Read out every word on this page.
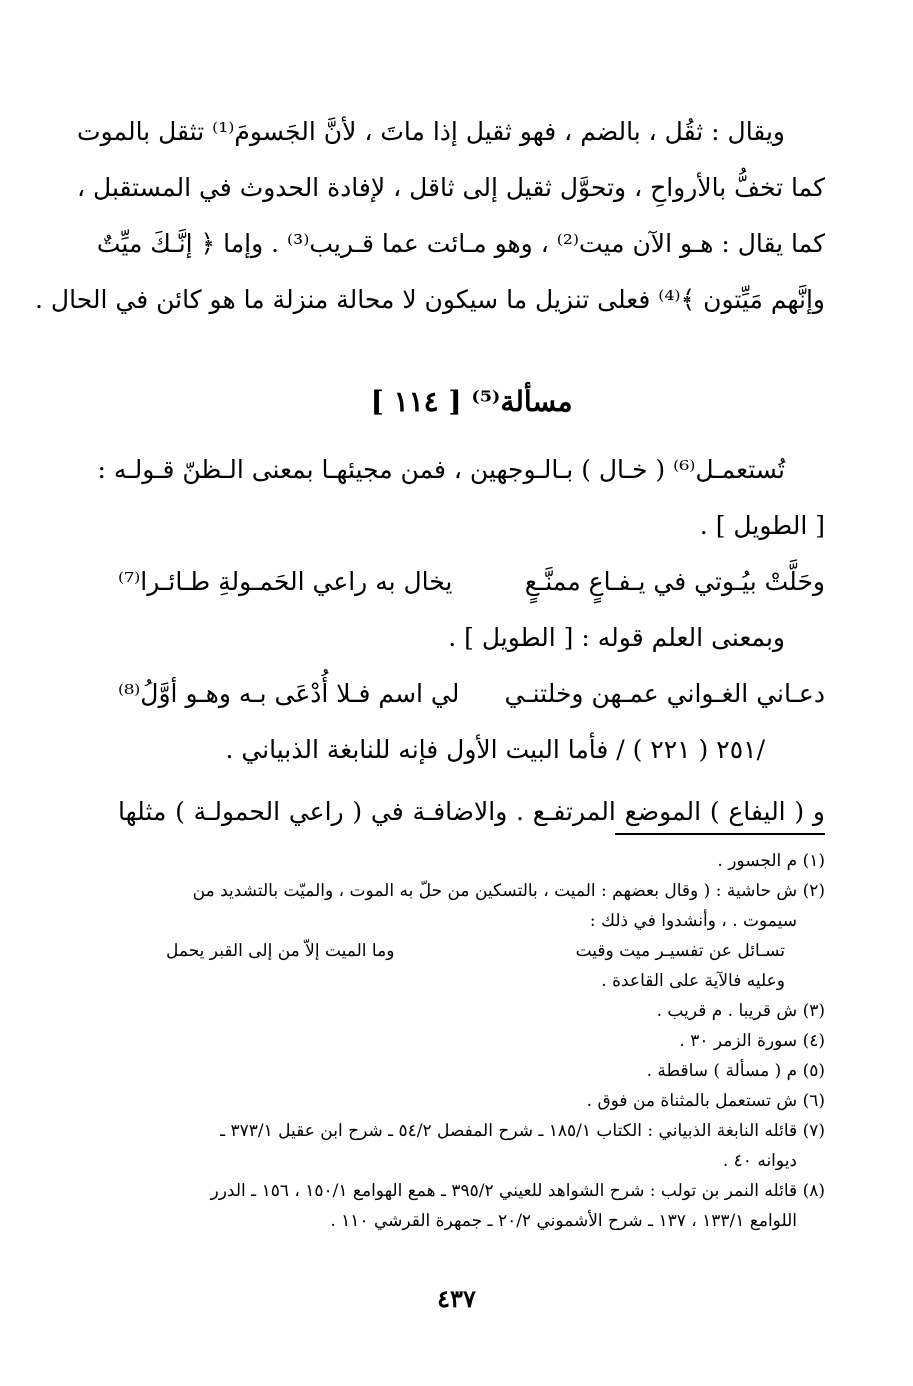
ويقال : ثقُل ، بالضم ، فهو ثقيل إذا ماتَ ، لأنَّ الجَسومَ⁽¹⁾ تثقل بالموت
كما تخفُّ بالأرواحِ ، وتحوَّل ثقيل إلى ثاقل ، لإفادة الحدوث في المستقبل ،
كما يقال : هـو الآن ميت⁽²⁾ ، وهو مـائت عما قـريب⁽³⁾ . وإما ﴿ إنَّـكَ ميِّتٌ
وإنَّهم مَيِّتون ﴾⁽⁴⁾ فعلى تنزيل ما سيكون لا محالة منزلة ما هو كائن في الحال .
مسألة⁽⁵⁾ [ ١١٤ ]
تُستعمـل⁽⁶⁾ ( خـال ) بـالـوجهين ، فمن مجيئهـا بمعنى الـظنّ قـولـه :
[ الطويل ] .
وحَلَّتْ بيُـوتي في يـفـاعٍ ممنَّـعٍ
يخال به راعي الحَمـولةِ طـائـرا⁽⁷⁾
وبمعنى العلم قوله : [ الطويل ] .
دعـاني الغـواني عمـهن وخلتنـي
لي اسم فـلا أُدْعَى بـه وهـو أوَّلُ⁽⁸⁾
/٢٥١ ( ٢٢١ ) / فأما البيت الأول فإنه للنابغة الذبياني .
و ( اليفاع ) الموضع المرتفـع . والاضافـة في ( راعي الحمولـة ) مثلها
(١) م الجسور .
(٢) ش حاشية : ( وقال بعضهم : الميت ، بالتسكين من حلّ به الموت ، والميّت بالتشديد من
سيموت . ، وأنشدوا في ذلك :
تسـائل عن تفسيـر ميت وقيت
وما الميت إلاّ من إلى القبر يحمل
وعليه فالآية على القاعدة .
(٣) ش قريبا . م قريب .
(٤) سورة الزمر ٣٠ .
(٥) م ( مسألة ) ساقطة .
(٦) ش تستعمل بالمثناة من فوق .
(٧) قائله النابغة الذبياني : الكتاب ١٨٥/١ ـ شرح المفصل ٥٤/٢ ـ شرح ابن عقيل ٣٧٣/١ ـ
ديوانه ٤٠ .
(٨) قائله النمر بن تولب : شرح الشواهد للعيني ٣٩٥/٢ ـ همع الهوامع ١٥٠/١ ، ١٥٦ ـ الدرر
اللوامع ١٣٣/١ ، ١٣٧ ـ شرح الأشموني ٢٠/٢ ـ جمهرة القرشي ١١٠ .
٤٣٧
